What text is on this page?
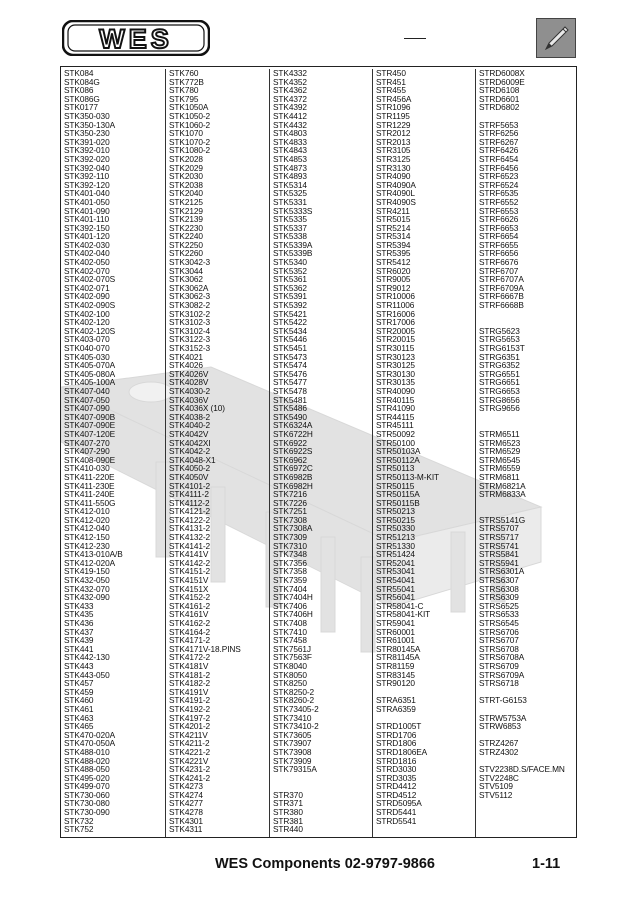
WES
STK084
STK084G
STK086
STK086G
STK0177
STK350-030
STK350-130A
STK350-230
STK391-020
STK392-010
STK392-020
STK392-040
STK392-110
STK392-120
STK401-040
STK401-050
STK401-090
STK401-110
STK392-150
STK401-120
STK402-030
STK402-040
STK402-050
STK402-070
STK402-070S
STK402-071
STK402-090
STK402-090S
STK402-100
STK402-120
STK402-120S
STK403-070
STK040-070
STK405-030
STK405-070A
STK405-080A
STK405-100A
STK407-040
STK407-050
STK407-090
STK407-090B
STK407-090E
STK407-120E
STK407-270
STK407-290
STK408-090E
STK410-030
STK411-220E
STK411-230E
STK411-240E
STK411-550G
STK412-010
STK412-020
STK412-040
STK412-150
STK412-230
STK413-010A/B
STK412-020A
STK419-150
STK432-050
STK432-070
STK432-090
STK433
STK435
STK436
STK437
STK439
STK441
STK442-130
STK443
STK443-050
STK457
STK459
STK460
STK461
STK463
STK465
STK470-020A
STK470-050A
STK488-010
STK488-020
STK488-050
STK495-020
STK499-070
STK730-060
STK730-080
STK730-090
STK732
STK752
STK760
STK772B
STK780
STK795
STK1050A
STK1050-2
STK1060-2
STK1070
STK1070-2
STK1080-2
STK2028
STK2029
STK2030
STK2038
STK2040
STK2125
STK2129
STK2139
STK2230
STK2240
STK2250
STK2260
STK3042-3
STK3044
STK3062
STK3062A
STK3062-3
STK3082-2
STK3102-2
STK3102-3
STK3102-4
STK3122-3
STK3152-3
STK4021
STK4026
STK4026V
STK4028V
STK4030-2
STK4036V
STK4036X (10)
STK4038-2
STK4040-2
STK4042V
STK4042XI
STK4042-2
STK4048-X1
STK4050-2
STK4050V
STK4101-2
STK4111-2
STK4112-2
STK4121-2
STK4122-2
STK4131-2
STK4132-2
STK4141-2
STK4141V
STK4142-2
STK4151-2
STK4151V
STK4151X
STK4152-2
STK4161-2
STK4161V
STK4162-2
STK4164-2
STK4171-2
STK4171V-18.PINS
STK4172-2
STK4181V
STK4181-2
STK4182-2
STK4191V
STK4191-2
STK4192-2
STK4197-2
STK4201-2
STK4211V
STK4211-2
STK4221-2
STK4221V
STK4231-2
STK4241-2
STK4273
STK4274
STK4277
STK4278
STK4301
STK4311
STK4332
STK4352
STK4362
STK4372
STK4392
STK4412
STK4432
STK4803
STK4833
STK4843
STK4853
STK4873
STK4893
STK5314
STK5325
STK5331
STK5333S
STK5335
STK5337
STK5338
STK5339A
STK5339B
STK5340
STK5352
STK5361
STK5362
STK5391
STK5392
STK5421
STK5422
STK5434
STK5446
STK5451
STK5473
STK5474
STK5476
STK5477
STK5478
STK5481
STK5486
STK5490
STK6324A
STK6722H
STK6922
STK6922S
STK6962
STK6972C
STK6982B
STK6982H
STK7216
STK7226
STK7251
STK7308
STK7308A
STK7309
STK7310
STK7348
STK7356
STK7358
STK7359
STK7404
STK7404H
STK7406
STK7406H
STK7408
STK7410
STK7458
STK7561J
STK7563F
STK8040
STK8050
STK8250
STK8250-2
STK8260-2
STK73405-2
STK73410
STK73410-2
STK73605
STK73907
STK73908
STK73909
STK79315A
STR370
STR371
STR380
STR381
STR440
STR450
STR451
STR455
STR456A
STR1096
STR1195
STR1229
STR2012
STR2013
STR3105
STR3125
STR3130
STR4090
STR4090A
STR4090L
STR4090S
STR4211
STR5015
STR5214
STR5314
STR5394
STR5395
STR5412
STR6020
STR9005
STR9012
STR10006
STR11006
STR16006
STR17006
STR20005
STR20015
STR30115
STR30123
STR30125
STR30130
STR30135
STR40090
STR40115
STR41090
STR44115
STR45111
STR50092
STR50100
STR50103A
STR50112A
STR50113
STR50113-M-KIT
STR50115
STR50115A
STR50115B
STR50213
STR50215
STR50330
STR51213
STR51330
STR51424
STR52041
STR53041
STR54041
STR55041
STR56041
STR58041-C
STR58041-KIT
STR59041
STR60001
STR61001
STR80145A
STR81145A
STR81159
STR83145
STR90120
STRA6351
STRA6359
STRD1005T
STRD1706
STRD1806
STRD1806EA
STRD1816
STRD3030
STRD3035
STRD4412
STRD4512
STRD5095A
STRD5441
STRD5541
STRD6008X
STRD6009E
STRD6108
STRD6601
STRD6802
STRF5653
STRF6256
STRF6267
STRF6426
STRF6454
STRF6456
STRF6523
STRF6524
STRF6535
STRF6552
STRF6553
STRF6626
STRF6653
STRF6654
STRF6655
STRF6656
STRF6676
STRF6707
STRF6707A
STRF6709A
STRF6667B
STRF6668B
STRG5623
STRG5653
STRG6153T
STRG6351
STRG6352
STRG6551
STRG6651
STRG6653
STRG8656
STRG9656
STRM6511
STRM6523
STRM6529
STRM6545
STRM6559
STRM6811
STRM6821A
STRM6833A
STRS5141G
STRS5707
STRS5717
STRS5741
STRS5841
STRS5941
STRS6301A
STRS6307
STRS6308
STRS6309
STRS6525
STRS6533
STRS6545
STRS6706
STRS6707
STRS6708
STRS6708A
STRS6709
STRS6709A
STRS6718
STRT-G6153
STRW5753A
STRW6853
STRZ4267
STRZ4302
STV2238D.S/FACE.MN
STV2248C
STV5109
STV5112
WES Components 02-9797-9866	1-11
